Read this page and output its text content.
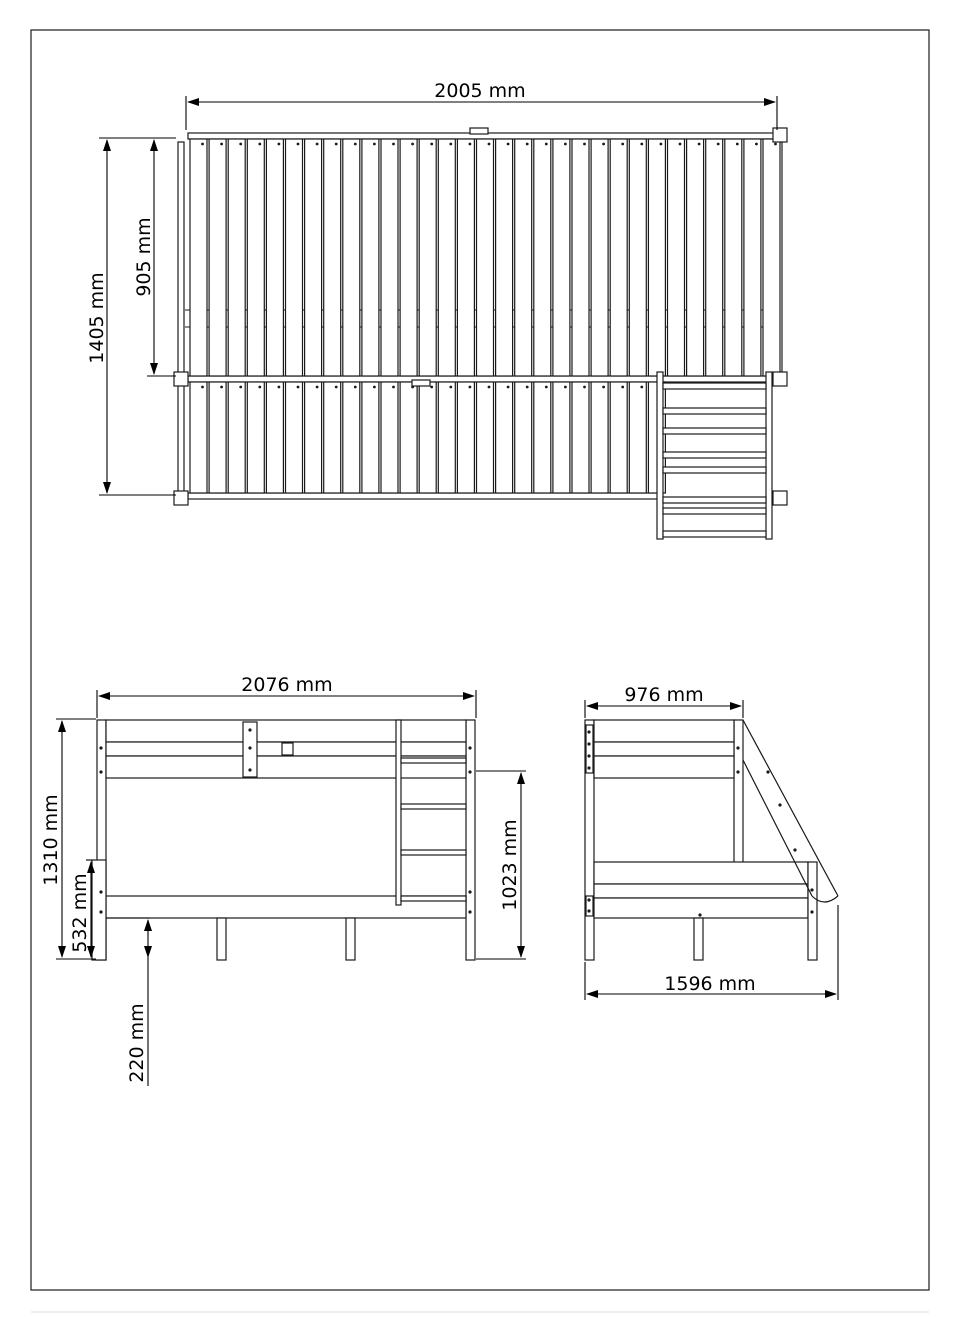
2005 mm
1405 mm
905 mm
2076 mm
1310 mm
532 mm
1023 mm
220 mm
976 mm
1596 mm
